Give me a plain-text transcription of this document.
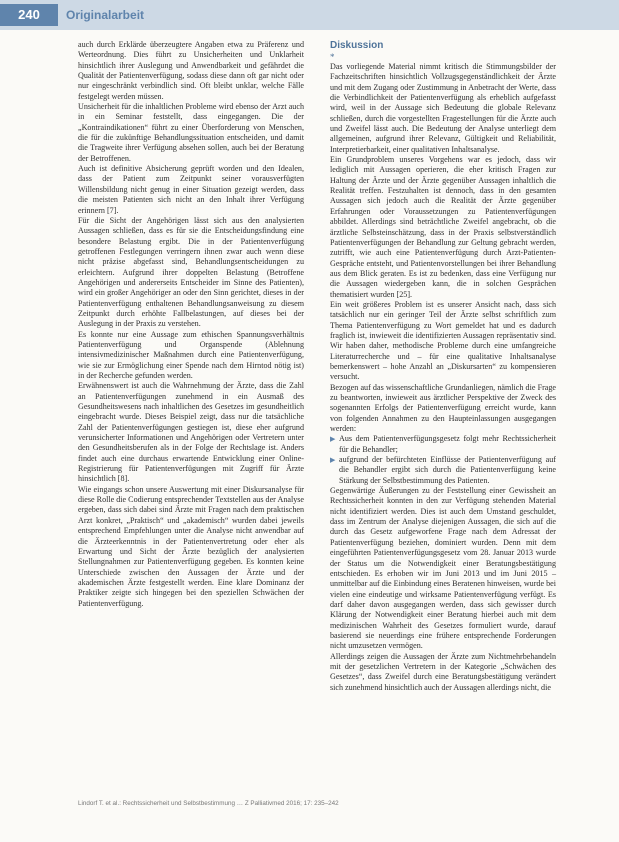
240	Originalarbeit

auch durch Erklärde überzeugtere Angaben etwa zu Präferenz und Werteordnung. Dies führt zu Unsicherheiten und Unklarheit hinsichtlich ihrer Auslegung und Anwendbarkeit und gefährdet die Qualität der Patientenverfügung, sodass diese dann oft gar nicht oder nur eingeschränkt verbindlich sind. Oft bleibt unklar, welche Fälle festgelegt werden müssen.

Unsicherheit für die inhaltlichen Probleme wird ebenso der Arzt auch in ein Seminar feststellt, dass eingegangen. Die der „Kontraindikationen“ führt zu einer Überforderung von Menschen, die für die zukünftige Behandlungssituation entscheiden, und damit die Tragweite ihrer Verfügung absehen sollen, auch bei der Beratung der Betroffenen.

Auch ist definitive Absicherung geprüft worden und den Idealen, dass der Patient zum Zeitpunkt seiner vorausverfügten Willensbildung nicht genug in einer Situation gezeigt werden, dass die meisten Patienten sich nicht an den Inhalt ihrer Verfügung erinnern [7].

Für die Sicht der Angehörigen lässt sich aus den analysierten Aussagen schließen, dass es für sie die Entscheidungsfindung eine besondere Belastung ergibt. Die in der Patientenverfügung getroffenen Festlegungen verringern ihnen zwar auch wenn diese nicht präzise abgefasst sind, Behandlungsentscheidungen zu erleichtern. Aufgrund ihrer doppelten Belastung (Betroffene Angehörigen und andererseits Entscheider im Sinne des Patienten), wird ein großer Angehöriger an oder den Sinn gerichtet, dieses in der Patientenverfügung enthaltenen Behandlungsanweisung zu diesem Zeitpunkt durch erhöhte Fallbelastungen, auf dieses bei der Auslegung in der Praxis zu verstehen.

Es konnte nur eine Aussage zum ethischen Spannungsverhältnis Patientenverfügung und Organspende (Ablehnung intensivmedizinischer Maßnahmen durch eine Patientenverfügung, wie sie zur Ermöglichung einer Spende nach dem Hirntod nötig ist) in der Recherche gefunden werden.

Erwähnenswert ist auch die Wahrnehmung der Ärzte, dass die Zahl an Patientenverfügungen zunehmend in ein Ausmaß des Gesundheitswesens nach inhaltlichen des Gesetzes im gesundheitlich eingebracht wurde. Dieses Beispiel zeigt, dass nur die tatsächliche Zahl der Patientenverfügungen gestiegen ist, diese eher aufgrund verunsicherter Informationen und Angehörigen oder Vertretern unter den Gesundheitsberufen als in der Folge der Rechtslage ist. Anders findet auch eine durchaus erwartende Entwicklung einer Online-Registrierung für Patientenverfügungen mit Zugriff für Ärzte hinsichtlich [8].

Wie eingangs schon unsere Auswertung mit einer Diskursanalyse für diese Rolle die Codierung entsprechender Textstellen aus der Analyse ergeben, dass sich dabei sind Ärzte mit Fragen nach dem praktischen Arzt konkret, „Praktisch“ und „akademisch“ wurden dabei jeweils entsprechend Empfehlungen unter die Analyse nicht anwendbar auf die Ärzteerkenntnis in der Patientenvertretung oder eher als Erwartung und Sicht der Ärzte bezüglich der analysierten Stellungnahmen zur Patientenverfügung gegeben. Es konnten keine Unterschiede zwischen den Aussagen der Ärzte und der akademischen Ärzte festgestellt werden. Eine klare Dominanz der Praktiker zeigte sich hingegen bei den speziellen Schwächen der Patientenverfügung.

Diskussion
*

Das vorliegende Material nimmt kritisch die Stimmungsbilder der Fachzeitschriften hinsichtlich Vollzugsgegenständlichkeit der Ärzte und mit dem Zugang oder Zustimmung in Anbetracht der Werte, dass die Verbindlichkeit der Patientenverfügung als erheblich aufgefasst wird, weil in der Aussage sich Bedeutung die globale Relevanz schließen, durch die vorgestellten Fragestellungen für die Ärzte auch und Zweifel lässt auch. Die Bedeutung der Analyse unterliegt dem allgemeinen, aufgrund ihrer Relevanz, Gültigkeit und Reliabilität, Interpretierbarkeit, einer qualitativen Inhaltsanalyse.

Ein Grundproblem unseres Vorgehens war es jedoch, dass wir lediglich mit Aussagen operieren, die eher kritisch Fragen zur Haltung der Ärzte und der Ärzte gegenüber Aussagen inhaltlich die Realität treffen. Festzuhalten ist dennoch, dass in den gesamten Aussagen sich jedoch auch die Realität der Ärzte gegenüber Erfahrungen oder Voraussetzungen zu Patientenverfügungen abbildet. Allerdings sind beträchtliche Zweifel angebracht, ob die ärztliche Selbsteinschätzung, dass in der Praxis selbstverständlich Patientenverfügungen der Behandlung zur Geltung gebracht werden, zutrifft, wie auch eine Patientenverfügung durch Arzt-Patienten-Gespräche entsteht, und Patientenvorstellungen bei ihrer Behandlung aus dem Blick geraten. Es ist zu bedenken, dass eine Verfügung nur die Aussagen wiedergeben kann, die in solchen Gesprächen thematisiert wurden [25].

Ein weit größeres Problem ist es unserer Ansicht nach, dass sich tatsächlich nur ein geringer Teil der Ärzte selbst schriftlich zum Thema Patientenverfügung zu Wort gemeldet hat und es dadurch fraglich ist, inwieweit die identifizierten Aussagen repräsentativ sind. Wir haben daher, methodische Probleme durch eine umfangreiche Literaturrecherche und – für eine qualitative Inhaltsanalyse bemerkenswert – hohe Anzahl an „Diskursarten“ zu kompensieren versucht.

Bezogen auf das wissenschaftliche Grundanliegen, nämlich die Frage zu beantworten, inwieweit aus ärztlicher Perspektive der Zweck des sogenannten Erfolgs der Patientenverfügung erreicht wurde, kann von folgenden Annahmen zu den Haupteinlassungen ausgegangen werden:

▶ Aus dem Patientenverfügungsgesetz folgt mehr Rechtssicherheit für die Behandler;
▶ aufgrund der befürchteten Einflüsse der Patientenverfügung auf die Behandler ergibt sich durch die Patientenverfügung keine Stärkung der Selbstbestimmung des Patienten.

Gegenwärtige Äußerungen zu der Feststellung einer Gewissheit an Rechtssicherheit konnten in den zur Verfügung stehenden Material nicht identifiziert werden. Dies ist auch dem Umstand geschuldet, dass im Zentrum der Analyse diejenigen Aussagen, die sich auf die durch das Gesetz aufgeworfene Frage nach dem Adressat der Patientenverfügung beziehen, dominiert wurden. Denn mit dem eingeführten Patientenverfügungsgesetz vom 28. Januar 2013 wurde der Status um die Notwendigkeit einer Beratungsbestätigung entschieden. Es erhoben wir im Juni 2013 und im Juni 2015 – unmittelbar auf die Einbindung eines Beratenen hinweisen, wurde bei vielen eine eindeutige und wirksame Patientenverfügung verfügt. Es darf daher davon ausgegangen werden, dass sich gewisser durch Klärung der Notwendigkeit einer Beratung hierbei auch mit dem medizinischen Wahrheit des Gesetzes formuliert wurde, darauf basierend sie neuerdings eine frühere entsprechende Forderungen nicht umzusetzen vermögen.

Allerdings zeigen die Aussagen der Ärzte zum Nichtmehrbehandeln mit der gesetzlichen Vertretern in der Kategorie „Schwächen des Gesetzes“, dass Zweifel durch eine Beratungsbestätigung verändert sich zunehmend hinsichtlich auch der Aussagen allerdings nicht, die

Lindorf T. et al.: Rechtssicherheit und Selbstbestimmung … Z Palliativmed 2016; 17: 235–242
